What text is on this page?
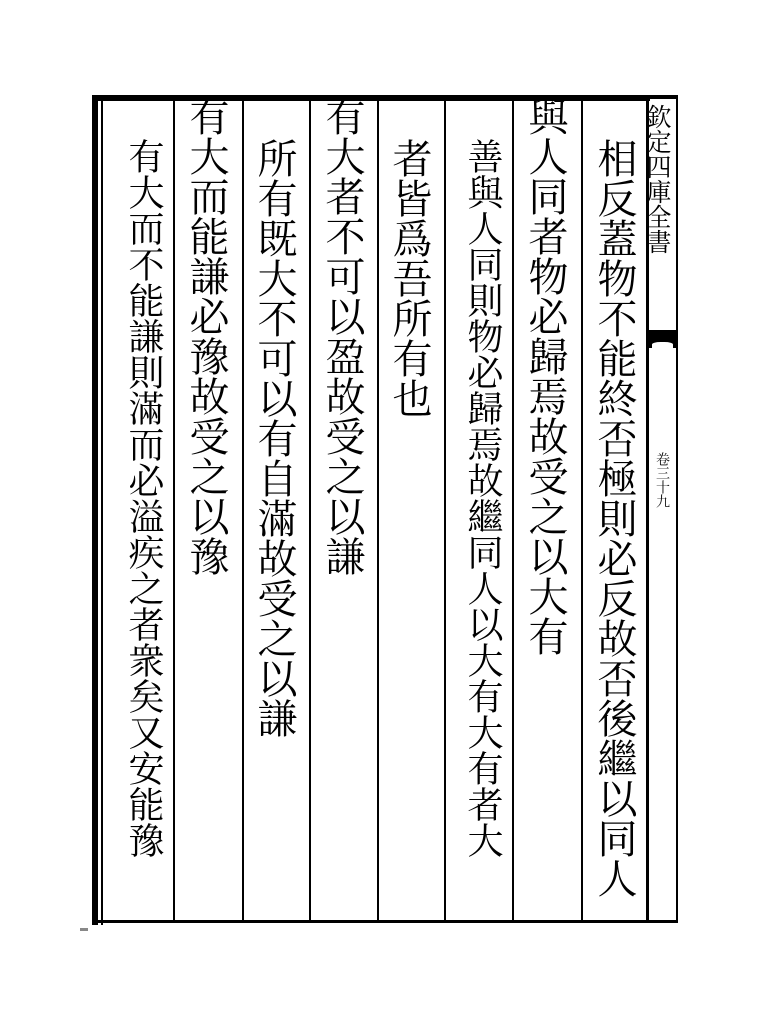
欽定四庫全書
卷三十九
相反蓋物不能終否極則必反故否後繼以同人
與人同者物必歸焉故受之以大有
善與人同則物必歸焉故繼同人以大有大有者大
者皆爲吾所有也
有大者不可以盈故受之以謙
所有既大不可以有自滿故受之以謙
有大而能謙必豫故受之以豫
有大而不能謙則滿而必溢疾之者衆矣又安能豫
